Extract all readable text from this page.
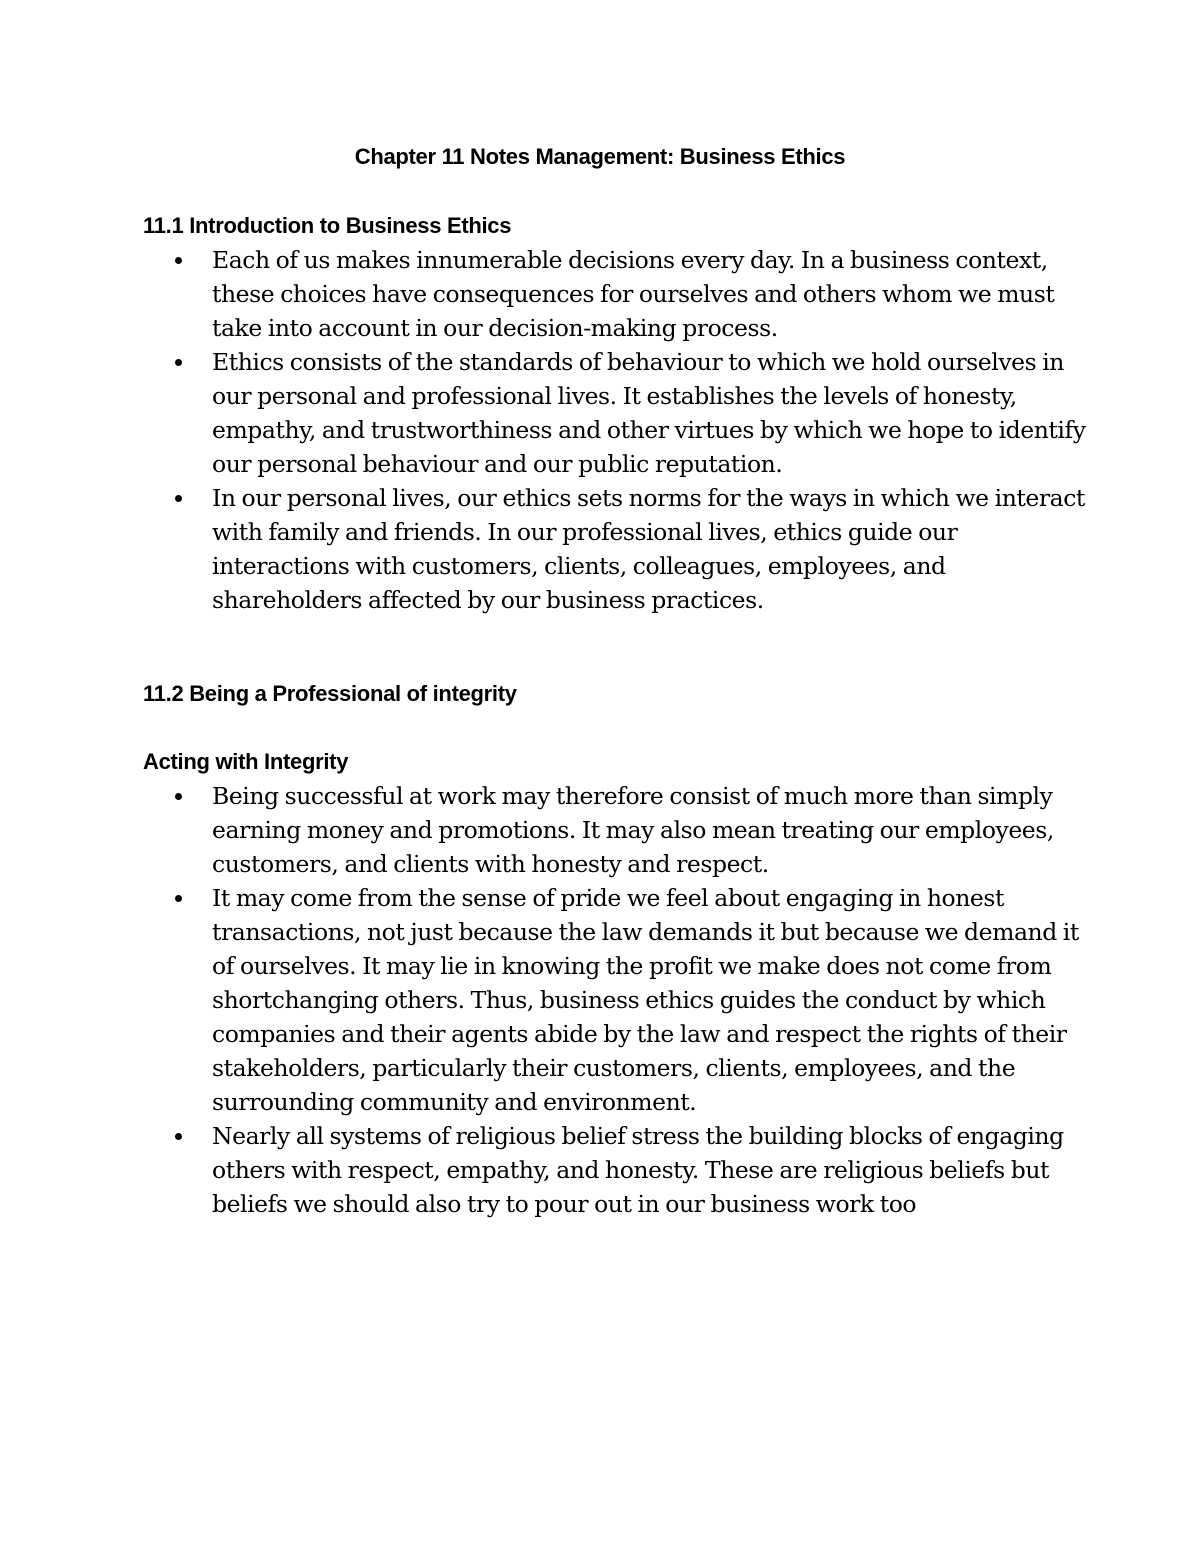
Chapter 11 Notes Management: Business Ethics
11.1 Introduction to Business Ethics
Each of us makes innumerable decisions every day. In a business context, these choices have consequences for ourselves and others whom we must take into account in our decision-making process.
Ethics consists of the standards of behaviour to which we hold ourselves in our personal and professional lives. It establishes the levels of honesty, empathy, and trustworthiness and other virtues by which we hope to identify our personal behaviour and our public reputation.
In our personal lives, our ethics sets norms for the ways in which we interact with family and friends. In our professional lives, ethics guide our interactions with customers, clients, colleagues, employees, and shareholders affected by our business practices.
11.2 Being a Professional of integrity
Acting with Integrity
Being successful at work may therefore consist of much more than simply earning money and promotions. It may also mean treating our employees, customers, and clients with honesty and respect.
It may come from the sense of pride we feel about engaging in honest transactions, not just because the law demands it but because we demand it of ourselves. It may lie in knowing the profit we make does not come from shortchanging others. Thus, business ethics guides the conduct by which companies and their agents abide by the law and respect the rights of their stakeholders, particularly their customers, clients, employees, and the surrounding community and environment.
Nearly all systems of religious belief stress the building blocks of engaging others with respect, empathy, and honesty. These are religious beliefs but beliefs we should also try to pour out in our business work too
